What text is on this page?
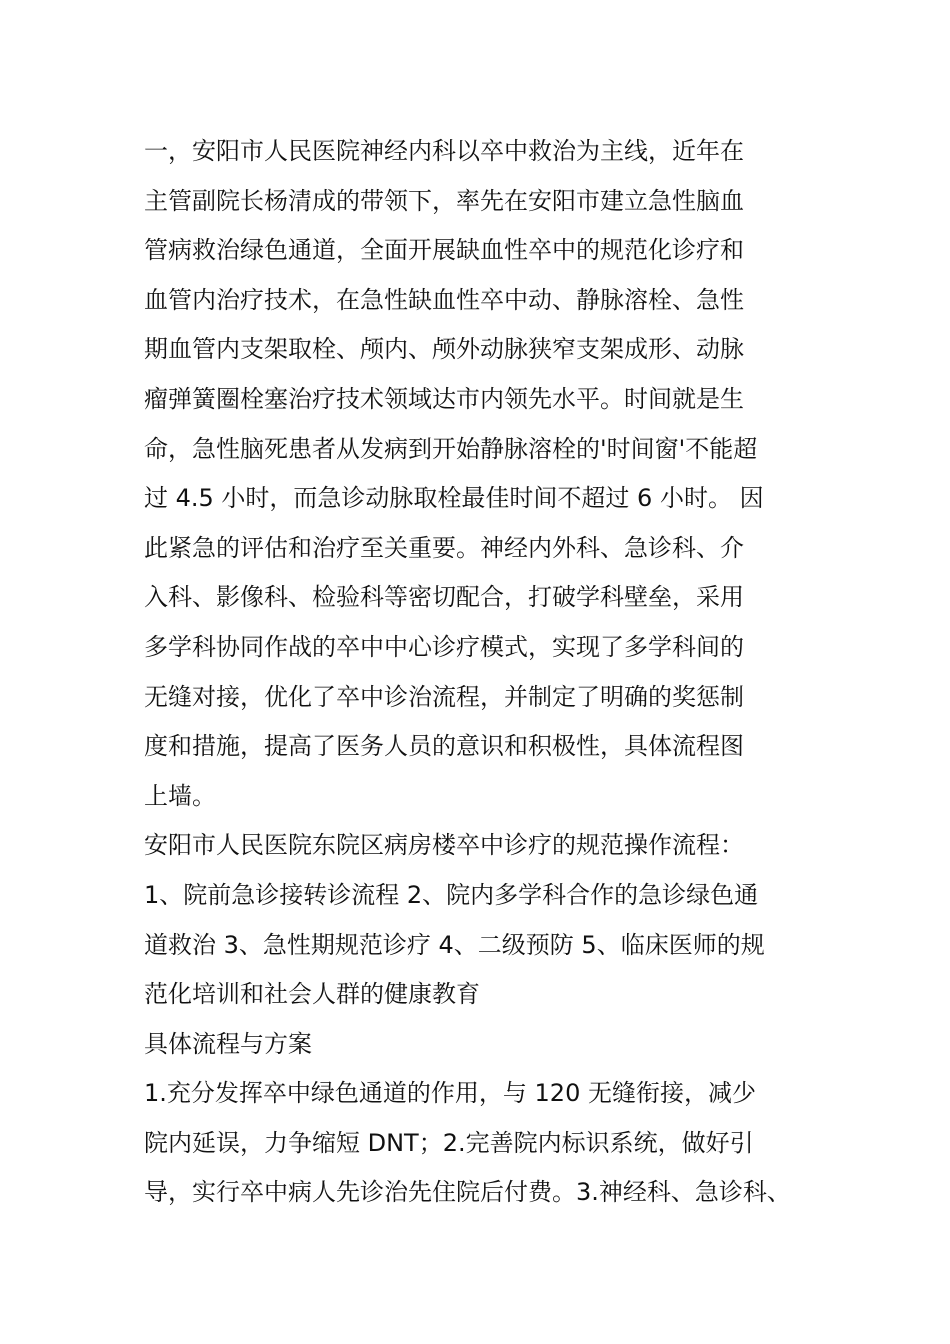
一，安阳市人民医院神经内科以卒中救治为主线，近年在
主管副院长杨清成的带领下，率先在安阳市建立急性脑血
管病救治绿色通道，全面开展缺血性卒中的规范化诊疗和
血管内治疗技术，在急性缺血性卒中动、静脉溶栓、急性
期血管内支架取栓、颅内、颅外动脉狭窄支架成形、动脉
瘤弹簧圈栓塞治疗技术领域达市内领先水平。时间就是生
命，急性脑死患者从发病到开始静脉溶栓的'时间窗'不能超
过 4.5 小时，而急诊动脉取栓最佳时间不超过 6 小时。 因
此紧急的评估和治疗至关重要。神经内外科、急诊科、介
入科、影像科、检验科等密切配合，打破学科壁垒，采用
多学科协同作战的卒中中心诊疗模式，实现了多学科间的
无缝对接，优化了卒中诊治流程，并制定了明确的奖惩制
度和措施，提高了医务人员的意识和积极性，具体流程图
上墙。
安阳市人民医院东院区病房楼卒中诊疗的规范操作流程：
1、院前急诊接转诊流程 2、院内多学科合作的急诊绿色通
道救治 3、急性期规范诊疗 4、二级预防 5、临床医师的规
范化培训和社会人群的健康教育
具体流程与方案
1.充分发挥卒中绿色通道的作用，与 120 无缝衔接，减少
院内延误，力争缩短 DNT；2.完善院内标识系统，做好引
导，实行卒中病人先诊治先住院后付费。3.神经科、急诊科、
